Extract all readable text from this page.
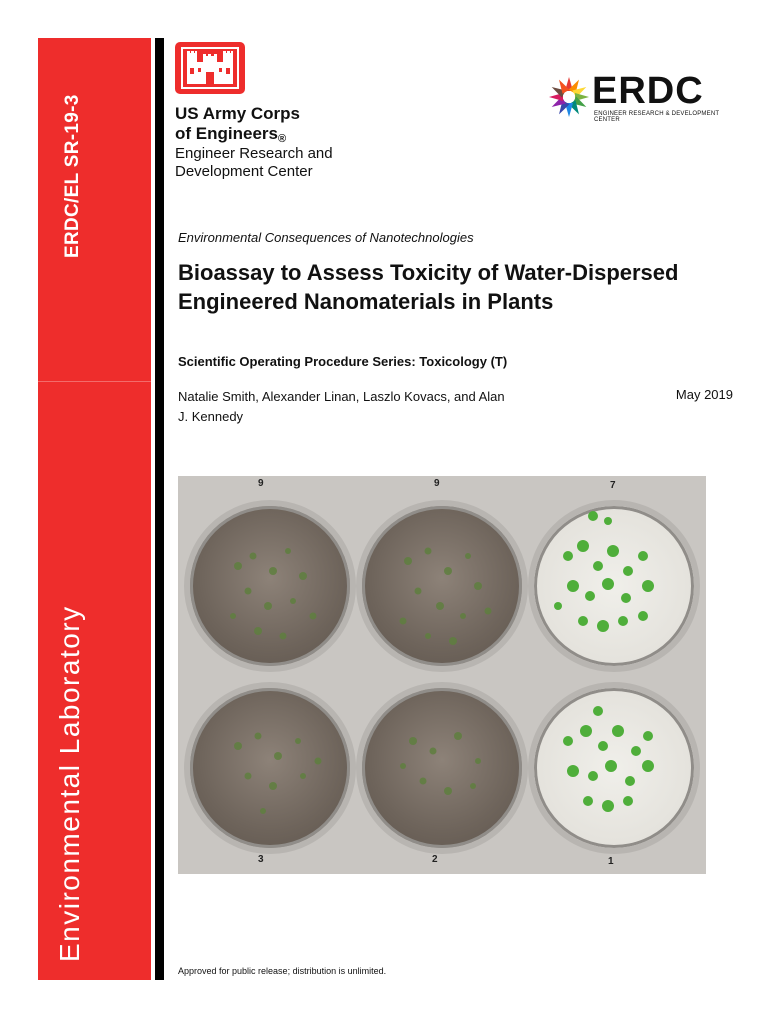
ERDC/EL SR-19-3
Environmental Laboratory
US Army Corps
of Engineers®
Engineer Research and
Development Center
ERDC
ENGINEER RESEARCH & DEVELOPMENT CENTER
Environmental Consequences of Nanotechnologies
Bioassay to Assess Toxicity of Water-Dispersed Engineered Nanomaterials in Plants
Scientific Operating Procedure Series: Toxicology (T)
Natalie Smith, Alexander Linan, Laszlo Kovacs, and Alan J. Kennedy
May 2019
9	9	7
3	2	1
Approved for public release; distribution is unlimited.
